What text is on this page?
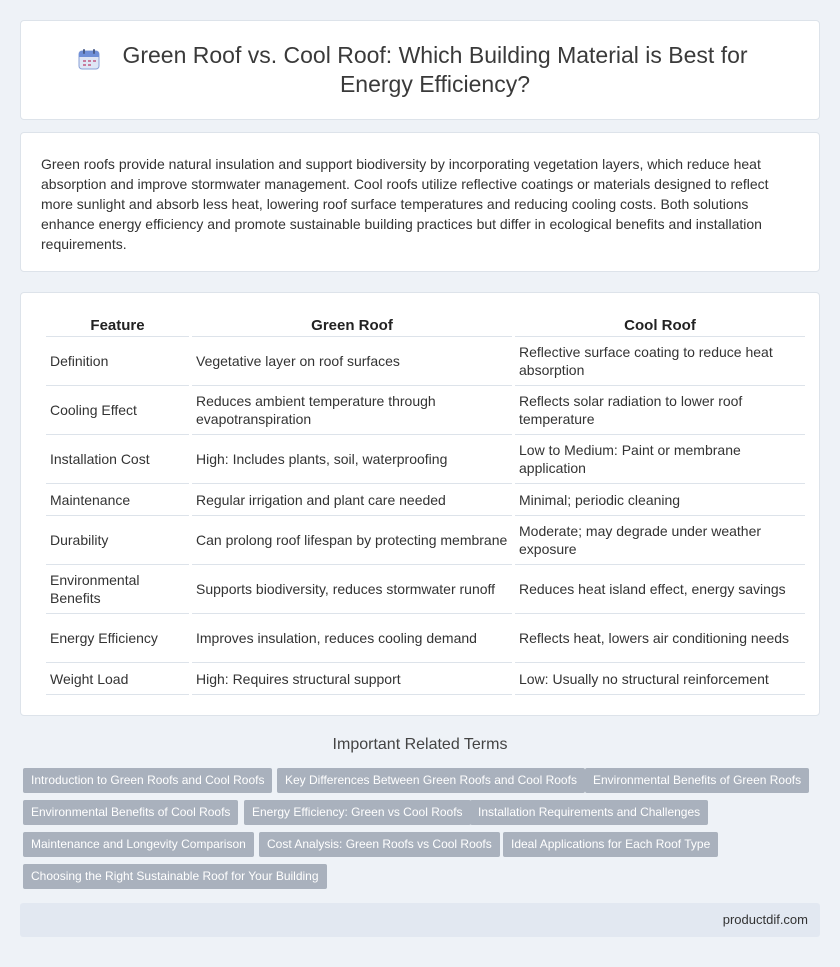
Green Roof vs. Cool Roof: Which Building Material is Best for Energy Efficiency?

Green roofs provide natural insulation and support biodiversity by incorporating vegetation layers, which reduce heat absorption and improve stormwater management. Cool roofs utilize reflective coatings or materials designed to reflect more sunlight and absorb less heat, lowering roof surface temperatures and reducing cooling costs. Both solutions enhance energy efficiency and promote sustainable building practices but differ in ecological benefits and installation requirements.

Feature	Green Roof	Cool Roof
Definition	Vegetative layer on roof surfaces	Reflective surface coating to reduce heat absorption
Cooling Effect	Reduces ambient temperature through evapotranspiration	Reflects solar radiation to lower roof temperature
Installation Cost	High: Includes plants, soil, waterproofing	Low to Medium: Paint or membrane application
Maintenance	Regular irrigation and plant care needed	Minimal; periodic cleaning
Durability	Can prolong roof lifespan by protecting membrane	Moderate; may degrade under weather exposure
Environmental Benefits	Supports biodiversity, reduces stormwater runoff	Reduces heat island effect, energy savings
Energy Efficiency	Improves insulation, reduces cooling demand	Reflects heat, lowers air conditioning needs
Weight Load	High: Requires structural support	Low: Usually no structural reinforcement
Important Related Terms
Introduction to Green Roofs and Cool Roofs	Key Differences Between Green Roofs and Cool Roofs	Environmental Benefits of Green Roofs
Environmental Benefits of Cool Roofs	Energy Efficiency: Green vs Cool Roofs	Installation Requirements and Challenges
Maintenance and Longevity Comparison	Cost Analysis: Green Roofs vs Cool Roofs	Ideal Applications for Each Roof Type
Choosing the Right Sustainable Roof for Your Building
productdif.com
